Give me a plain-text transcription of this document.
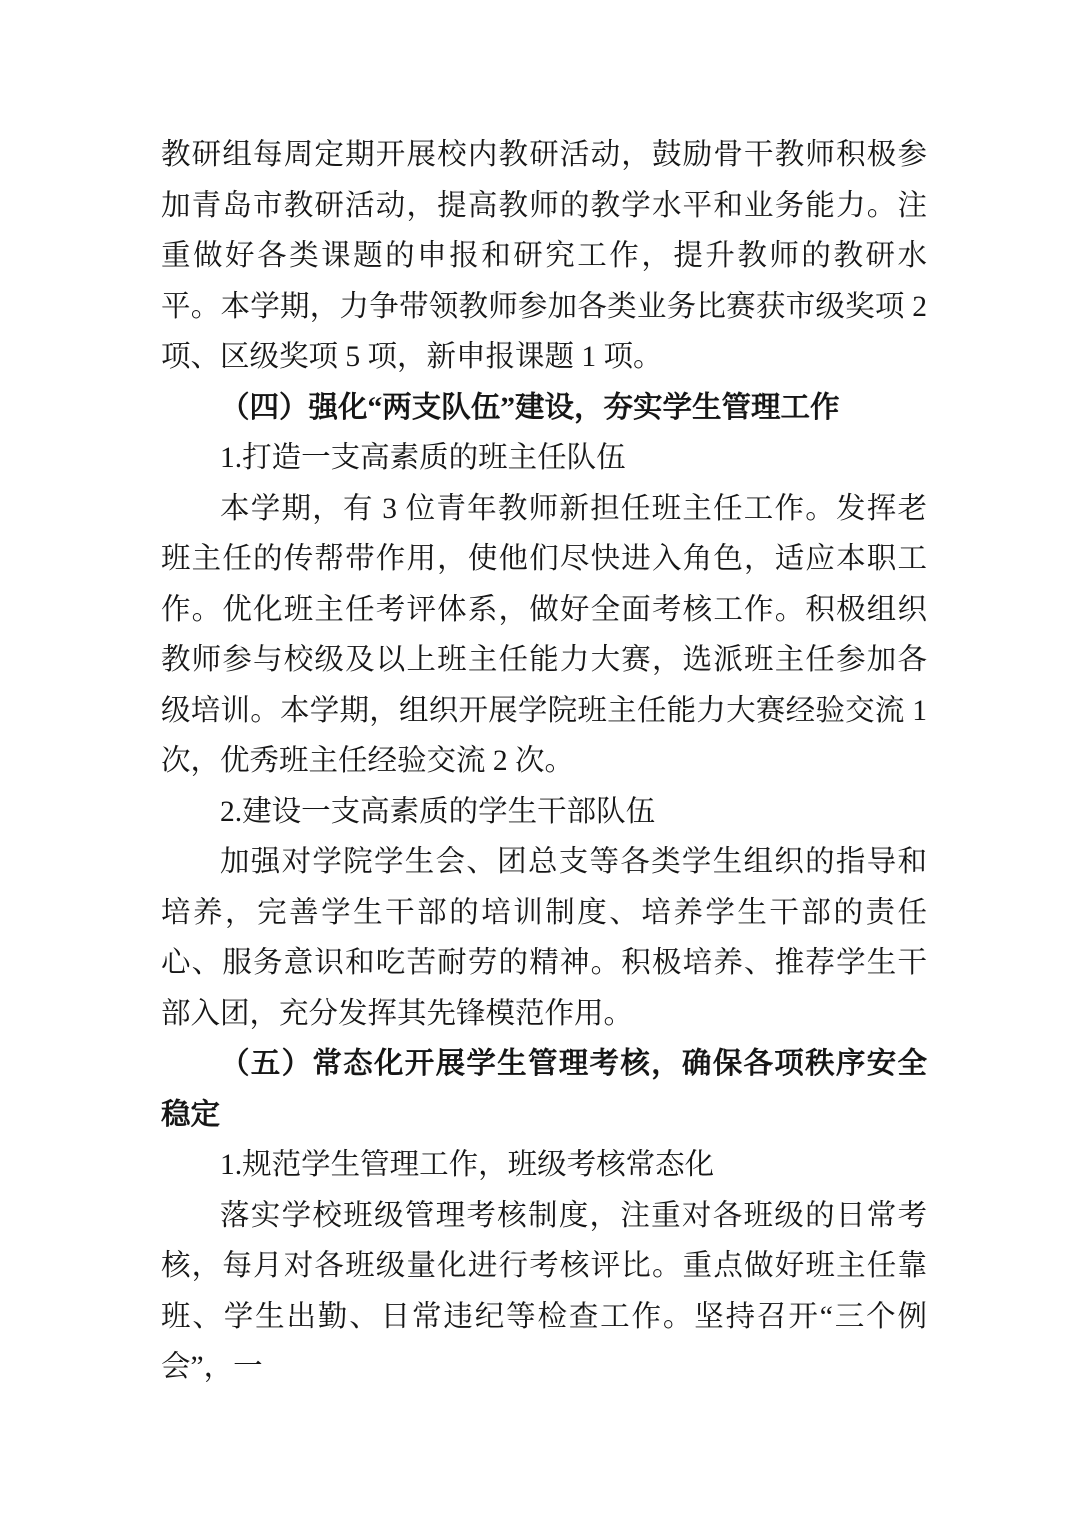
教研组每周定期开展校内教研活动，鼓励骨干教师积极参加青岛市教研活动，提高教师的教学水平和业务能力。注重做好各类课题的申报和研究工作，提升教师的教研水平。本学期，力争带领教师参加各类业务比赛获市级奖项 2 项、区级奖项 5 项，新申报课题 1 项。

（四）强化“两支队伍”建设，夯实学生管理工作

1.打造一支高素质的班主任队伍

本学期，有 3 位青年教师新担任班主任工作。发挥老班主任的传帮带作用，使他们尽快进入角色，适应本职工作。优化班主任考评体系，做好全面考核工作。积极组织教师参与校级及以上班主任能力大赛，选派班主任参加各级培训。本学期，组织开展学院班主任能力大赛经验交流 1 次，优秀班主任经验交流 2 次。

2.建设一支高素质的学生干部队伍

加强对学院学生会、团总支等各类学生组织的指导和培养，完善学生干部的培训制度、培养学生干部的责任心、服务意识和吃苦耐劳的精神。积极培养、推荐学生干部入团，充分发挥其先锋模范作用。

（五）常态化开展学生管理考核，确保各项秩序安全稳定

1.规范学生管理工作，班级考核常态化

落实学校班级管理考核制度，注重对各班级的日常考核，每月对各班级量化进行考核评比。重点做好班主任靠班、学生出勤、日常违纪等检查工作。坚持召开“三个例会”，一
